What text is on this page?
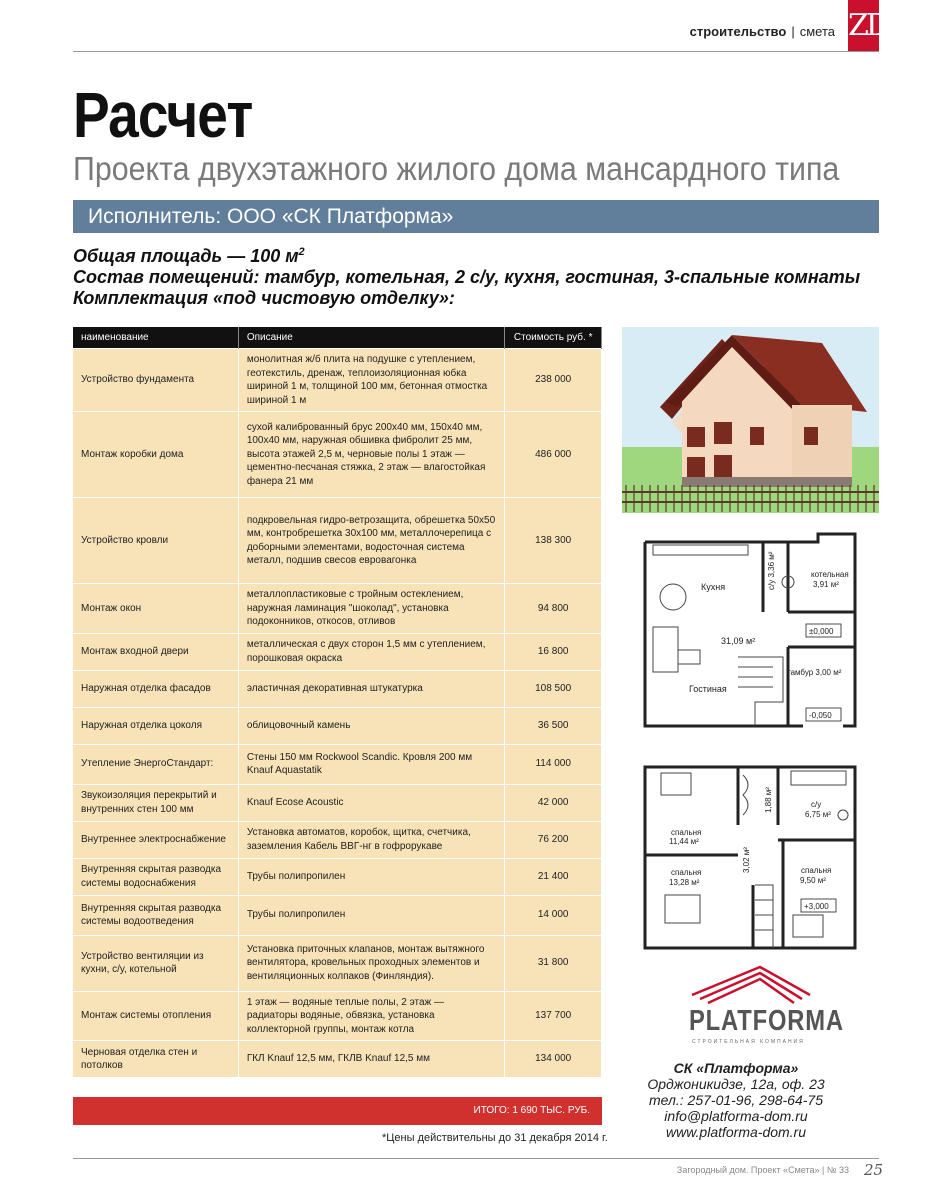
строительство | смета ZD
Расчет
Проекта двухэтажного жилого дома мансардного типа
Исполнитель: ООО «СК Платформа»
Общая площадь — 100 $м^2$
Состав помещений: тамбур, котельная, 2 с/у, кухня, гостиная, 3-спальные комнаты
Комплектация «под чистовую отделку»:
наименование	Описание	Стоимость руб. *
Устройство фундамента	монолитная ж/б плита на подушке с утеплением, геотекстиль, дренаж, теплоизоляционная юбка шириной 1 м, толщиной 100 мм, бетонная отмостка шириной 1 м	238 000
Монтаж коробки дома	сухой калиброванный брус 200х40 мм, 150х40 мм, 100х40 мм, наружная обшивка фибролит 25 мм, высота этажей 2,5 м, черновые полы 1 этаж — цементно-песчаная стяжка, 2 этаж — влагостойкая фанера 21 мм	486 000
Устройство кровли	подкровельная гидро-ветрозащита, обрешетка 50х50 мм, контробрешетка 30х100 мм, металлочерепица с доборными элементами, водосточная система металл, подшив свесов евровагонка	138 300
Монтаж окон	металлопластиковые с тройным остеклением, наружная ламинация "шоколад", установка подоконников, откосов, отливов	94 800
Монтаж входной двери	металлическая с двух сторон 1,5 мм с утеплением, порошковая окраска	16 800
Наружная отделка фасадов	эластичная декоративная штукатурка	108 500
Наружная отделка цоколя	облицовочный камень	36 500
Утепление ЭнергоСтандарт:	Стены 150 мм Rockwool Scandic. Кровля 200 мм Knauf Aquastatik	114 000
Звукоизоляция перекрытий и внутренних стен 100 мм	Knauf Ecose Acoustic	42 000
Внутреннее электроснабжение	Установка автоматов, коробок, щитка, счетчика, заземления Кабель ВВГ-нг в гофрорукаве	76 200
Внутренняя скрытая разводка системы водоснабжения	Трубы полипропилен	21 400
Внутренняя скрытая разводка системы водоотведения	Трубы полипропилен	14 000
Устройство вентиляции из кухни, с/у, котельной	Установка приточных клапанов, монтаж вытяжного вентилятора, кровельных проходных элементов и вентиляционных колпаков (Финляндия).	31 800
Монтаж системы отопления	1 этаж — водяные теплые полы, 2 этаж — радиаторы водяные, обвязка, установка коллекторной группы, монтаж котла	137 700
Черновая отделка стен и потолков	ГКЛ Knauf 12,5 мм, ГКЛВ Knauf 12,5 мм	134 000
ИТОГО: 1 690 ТЫС. РУБ.
*Цены действительны до 31 декабря 2014 г.
Кухня	с/у 3,36 м²	котельная
3,91 м²
31,09 м²
±0,000
тамбур 3,00 м²
Гостиная
-0,050
спальня
11,44 м²
1,88 м²	с/у
6,75 м²
спальня
13,28 м²
3,02 м²	спальня
9,50 м²
+3,000
PLATFORMA
СТРОИТЕЛЬНАЯ КОМПАНИЯ
СК «Платформа»
Орджоникидзе, 12а, оф. 23
тел.: 257-01-96, 298-64-75
info@platforma-dom.ru
www.platforma-dom.ru
Загородный дом. Проект «Смета» | № 33 25
